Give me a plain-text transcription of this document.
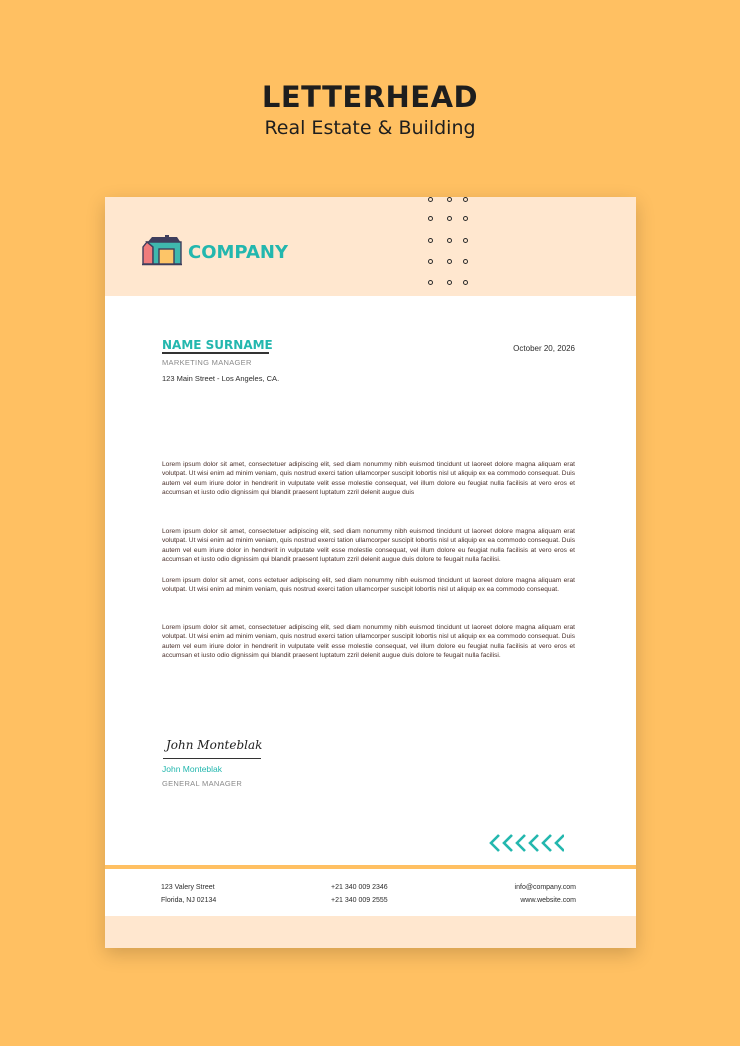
LETTERHEAD
Real Estate & Building
COMPANY
NAME SURNAME
MARKETING MANAGER
123 Main Street - Los Angeles, CA.
October 20, 2026

Lorem ipsum dolor sit amet, consectetuer adipiscing elit, sed diam nonummy nibh euismod tincidunt ut laoreet dolore magna aliquam erat volutpat. Ut wisi enim ad minim veniam, quis nostrud exerci tation ullamcorper suscipit lobortis nisl ut aliquip ex ea commodo consequat. Duis autem vel eum iriure dolor in hendrerit in vulputate velit esse molestie consequat, vel illum dolore eu feugiat nulla facilisis at vero eros et accumsan et iusto odio dignissim qui blandit praesent luptatum zzril delenit augue duis

Lorem ipsum dolor sit amet, consectetuer adipiscing elit, sed diam nonummy nibh euismod tincidunt ut laoreet dolore magna aliquam erat volutpat. Ut wisi enim ad minim veniam, quis nostrud exerci tation ullamcorper suscipit lobortis nisl ut aliquip ex ea commodo consequat. Duis autem vel eum iriure dolor in hendrerit in vulputate velit esse molestie consequat, vel illum dolore eu feugiat nulla facilisis at vero eros et accumsan et iusto odio dignissim qui blandit praesent luptatum zzril delenit augue duis dolore te feugait nulla facilisi.

Lorem ipsum dolor sit amet, cons ectetuer adipiscing elit, sed diam nonummy nibh euismod tincidunt ut laoreet dolore magna aliquam erat volutpat. Ut wisi enim ad minim veniam, quis nostrud exerci tation ullamcorper suscipit lobortis nisl ut aliquip ex ea commodo consequat.

Lorem ipsum dolor sit amet, consectetuer adipiscing elit, sed diam nonummy nibh euismod tincidunt ut laoreet dolore magna aliquam erat volutpat. Ut wisi enim ad minim veniam, quis nostrud exerci tation ullamcorper suscipit lobortis nisl ut aliquip ex ea commodo consequat. Duis autem vel eum iriure dolor in hendrerit in vulputate velit esse molestie consequat, vel illum dolore eu feugiat nulla facilisis at vero eros et accumsan et iusto odio dignissim qui blandit praesent luptatum zzril delenit augue duis dolore te feugait nulla facilisi.

John Monteblak
John Monteblak
GENERAL MANAGER
123 Valery Street
Florida, NJ 02134
+21 340 009 2346
+21 340 009 2555
info@company.com
www.website.com
